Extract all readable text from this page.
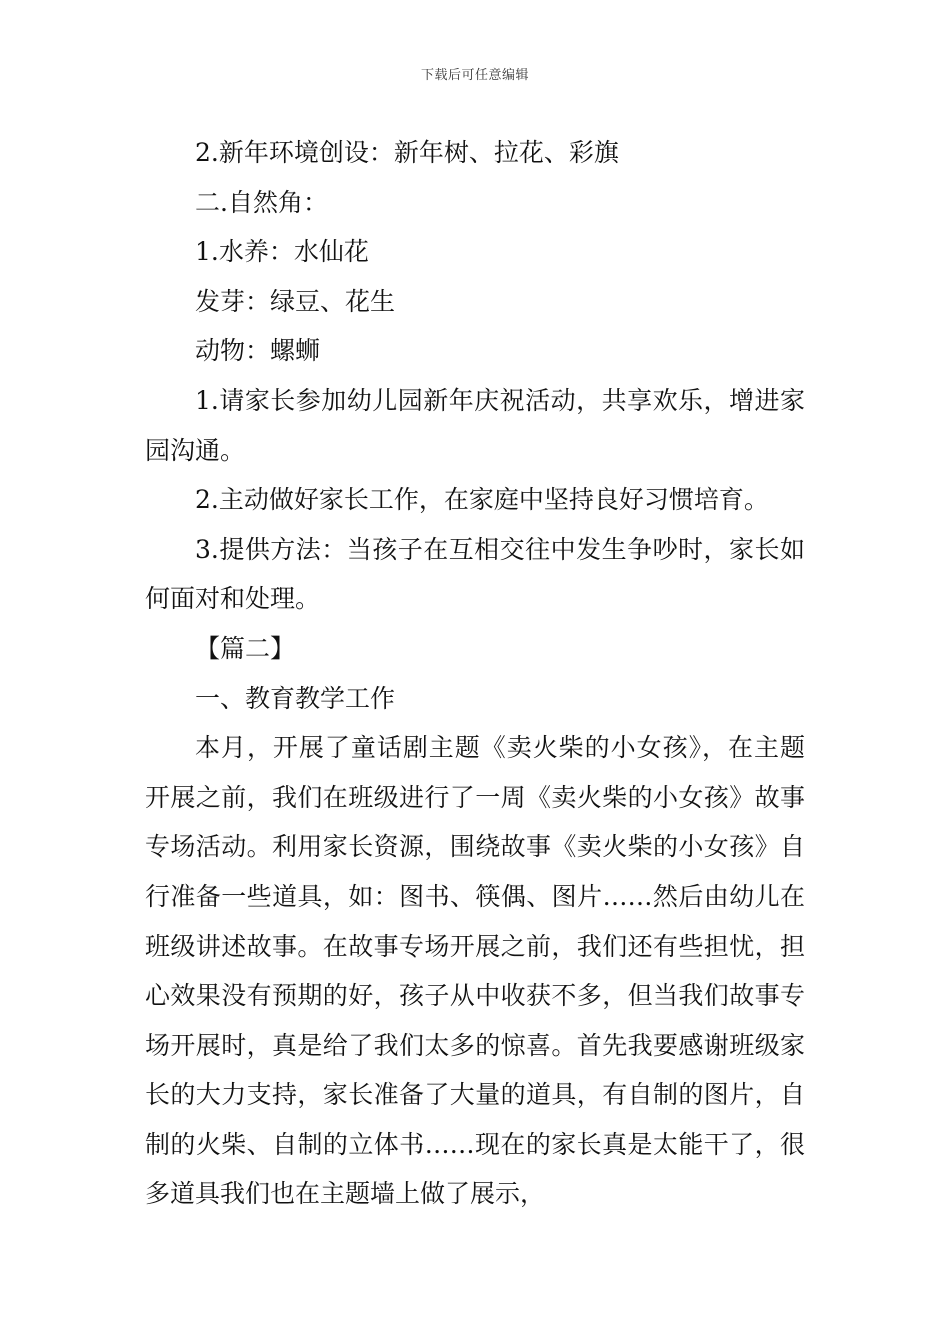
下载后可任意编辑

2.新年环境创设：新年树、拉花、彩旗

二.自然角：

1.水养：水仙花

发芽：绿豆、花生

动物：螺蛳

1.请家长参加幼儿园新年庆祝活动，共享欢乐，增进家园沟通。

2.主动做好家长工作，在家庭中坚持良好习惯培育。

3.提供方法：当孩子在互相交往中发生争吵时，家长如何面对和处理。

【篇二】

一、教育教学工作

本月，开展了童话剧主题《卖火柴的小女孩》，在主题开展之前，我们在班级进行了一周《卖火柴的小女孩》故事专场活动。利用家长资源，围绕故事《卖火柴的小女孩》自行准备一些道具，如：图书、筷偶、图片……然后由幼儿在班级讲述故事。在故事专场开展之前，我们还有些担忧，担心效果没有预期的好，孩子从中收获不多，但当我们故事专场开展时，真是给了我们太多的惊喜。首先我要感谢班级家长的大力支持，家长准备了大量的道具，有自制的图片，自制的火柴、自制的立体书……现在的家长真是太能干了，很多道具我们也在主题墙上做了展示，
